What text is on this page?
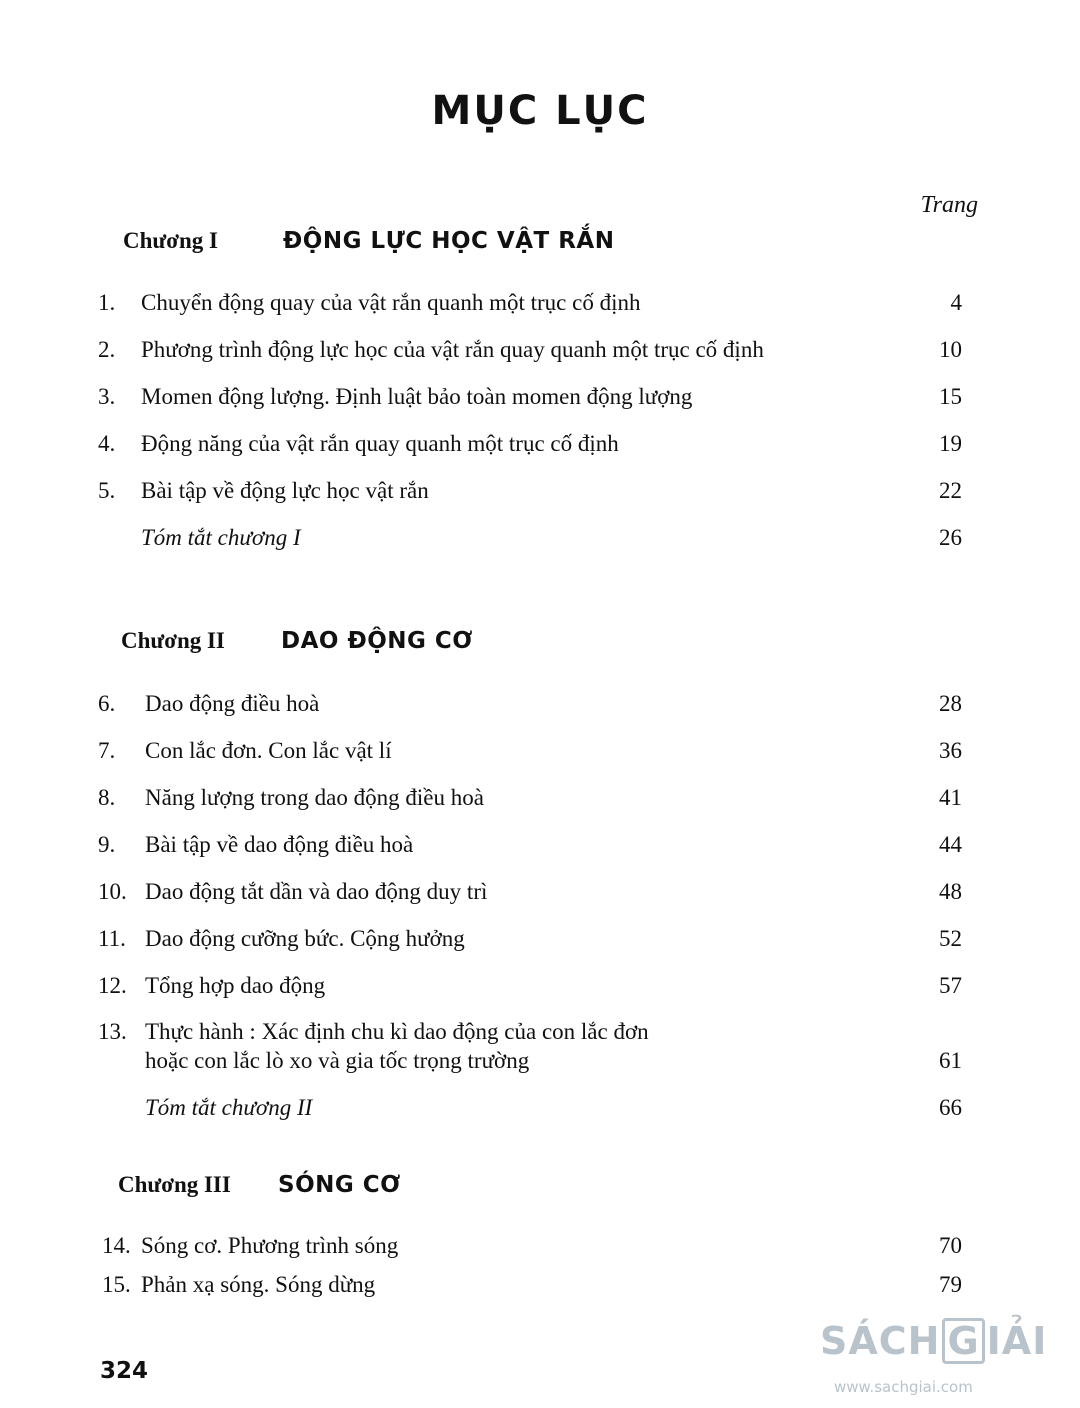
MỤC LỤC
Trang
Chương I	ĐỘNG LỰC HỌC VẬT RẮN
1. Chuyển động quay của vật rắn quanh một trục cố định	4
2. Phương trình động lực học của vật rắn quay quanh một trục cố định	10
3. Momen động lượng. Định luật bảo toàn momen động lượng	15
4. Động năng của vật rắn quay quanh một trục cố định	19
5. Bài tập về động lực học vật rắn	22
Tóm tắt chương I	26
Chương II	DAO ĐỘNG CƠ
6. Dao động điều hoà	28
7. Con lắc đơn. Con lắc vật lí	36
8. Năng lượng trong dao động điều hoà	41
9. Bài tập về dao động điều hoà	44
10. Dao động tắt dần và dao động duy trì	48
11. Dao động cưỡng bức. Cộng hưởng	52
12. Tổng hợp dao động	57
13. Thực hành : Xác định chu kì dao động của con lắc đơn
hoặc con lắc lò xo và gia tốc trọng trường	61
Tóm tắt chương II	66
Chương III	SÓNG CƠ
14. Sóng cơ. Phương trình sóng	70
15. Phản xạ sóng. Sóng dừng	79
324
SÁCH G IẢI
www.sachgiai.com
